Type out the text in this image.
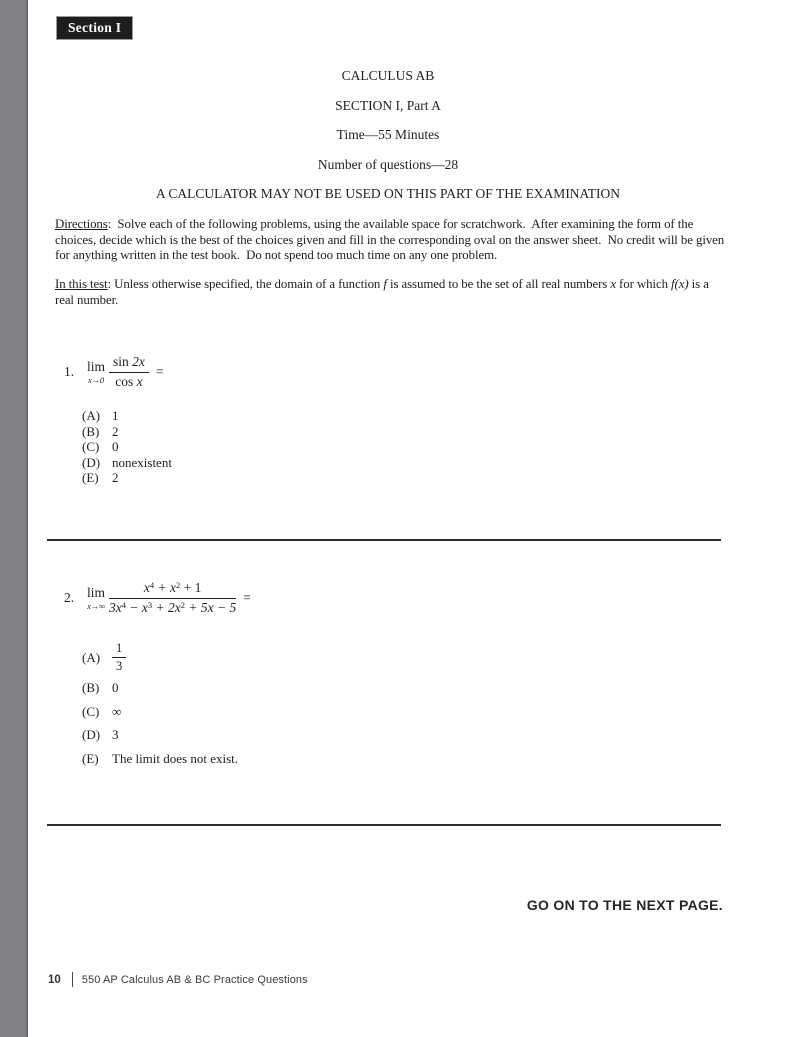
Section I
CALCULUS AB
SECTION I, Part A
Time—55 Minutes
Number of questions—28
A CALCULATOR MAY NOT BE USED ON THIS PART OF THE EXAMINATION
Directions:  Solve each of the following problems, using the available space for scratchwork.  After examining the form of the
choices, decide which is the best of the choices given and fill in the corresponding oval on the answer sheet.  No credit will be given
for anything written in the test book.  Do not spend too much time on any one problem.
In this test: Unless otherwise specified, the domain of a function f is assumed to be the set of all real numbers x for which f(x) is a
real number.
1. lim
$x\to 0 \frac{\sin 2x}{\text{cos x}}$ =
(A) 1
(B) 2
(C) 0
(D) nonexistent
(E)	2
2. lim
$x\to\infty \frac{x^4 + x^2 + 1}{3x^4 - x^3 + 2x^2 + 5x - 5}$ =
$(A) \frac{1}{3}$
(B) 0
(C) ∞
(D) 3
(E)	The limit does not exist.
GO ON TO THE NEXT PAGE.
10 550 AP Calculus AB & BC Practice Questions
